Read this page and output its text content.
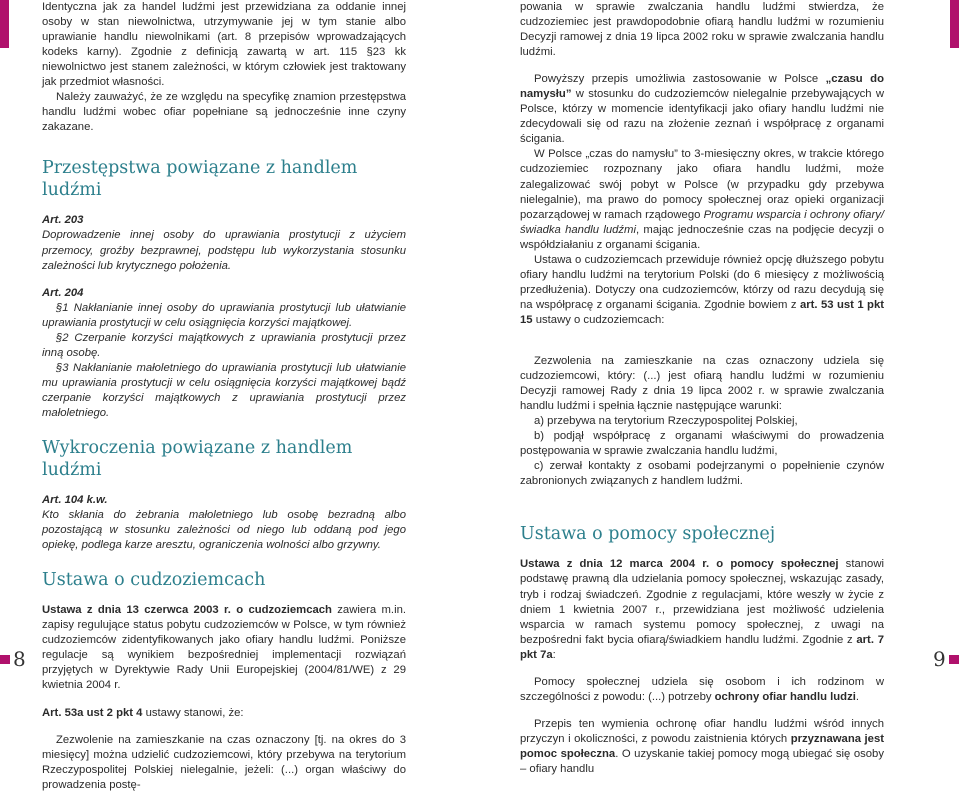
Identyczna jak za handel ludźmi jest przewidziana za oddanie innej osoby w stan niewolnictwa, utrzymywanie jej w tym stanie albo uprawianie handlu niewolnikami (art. 8 przepisów wprowadzających kodeks karny). Zgodnie z definicją zawartą w art. 115 §23 kk niewolnictwo jest stanem zależności, w którym człowiek jest traktowany jak przedmiot własności.

Należy zauważyć, że ze względu na specyfikę znamion przestępstwa handlu ludźmi wobec ofiar popełniane są jednocześnie inne czyny zakazane.

Przestępstwa powiązane z handlem ludźmi

Art. 203

Doprowadzenie innej osoby do uprawiania prostytucji z użyciem przemocy, groźby bezprawnej, podstępu lub wykorzystania stosunku zależności lub krytycznego położenia.

Art. 204

§1 Nakłanianie innej osoby do uprawiania prostytucji lub ułatwianie uprawiania prostytucji w celu osiągnięcia korzyści majątkowej.

§2 Czerpanie korzyści majątkowych z uprawiania prostytucji przez inną osobę.

§3 Nakłanianie małoletniego do uprawiania prostytucji lub ułatwianie mu uprawiania prostytucji w celu osiągnięcia korzyści majątkowej bądź czerpanie korzyści majątkowych z uprawiania prostytucji przez małoletniego.

Wykroczenia powiązane z handlem ludźmi

Art. 104 k.w.

Kto skłania do żebrania małoletniego lub osobę bezradną albo pozostającą w stosunku zależności od niego lub oddaną pod jego opiekę, podlega karze aresztu, ograniczenia wolności albo grzywny.

Ustawa o cudzoziemcach

Ustawa z dnia 13 czerwca 2003 r. o cudzoziemcach zawiera m.in. zapisy regulujące status pobytu cudzoziemców w Polsce, w tym również cudzoziemców zidentyfikowanych jako ofiary handlu ludźmi. Poniższe regulacje są wynikiem bezpośredniej implementacji rozwiązań przyjętych w Dyrektywie Rady Unii Europejskiej (2004/81/WE) z 29 kwietnia 2004 r.

Art. 53a ust 2 pkt 4 ustawy stanowi, że:

Zezwolenie na zamieszkanie na czas oznaczony [tj. na okres do 3 miesięcy] można udzielić cudzoziemcowi, który przebywa na terytorium Rzeczypospolitej Polskiej nielegalnie, jeżeli: (...) organ właściwy do prowadzenia postę-

powania w sprawie zwalczania handlu ludźmi stwierdza, że cudzoziemiec jest prawdopodobnie ofiarą handlu ludźmi w rozumieniu Decyzji ramowej z dnia 19 lipca 2002 roku w sprawie zwalczania handlu ludźmi.

Powyższy przepis umożliwia zastosowanie w Polsce „czasu do namysłu” w stosunku do cudzoziemców nielegalnie przebywających w Polsce, którzy w momencie identyfikacji jako ofiary handlu ludźmi nie zdecydowali się od razu na złożenie zeznań i współpracę z organami ścigania.

W Polsce „czas do namysłu” to 3-miesięczny okres, w trakcie którego cudzoziemiec rozpoznany jako ofiara handlu ludźmi, może zalegalizować swój pobyt w Polsce (w przypadku gdy przebywa nielegalnie), ma prawo do pomocy społecznej oraz opieki organizacji pozarządowej w ramach rządowego Programu wsparcia i ochrony ofiary/świadka handlu ludźmi, mając jednocześnie czas na podjęcie decyzji o współdziałaniu z organami ścigania.

Ustawa o cudzoziemcach przewiduje również opcję dłuższego pobytu ofiary handlu ludźmi na terytorium Polski (do 6 miesięcy z możliwością przedłużenia). Dotyczy ona cudzoziemców, którzy od razu decydują się na współpracę z organami ścigania. Zgodnie bowiem z art. 53 ust 1 pkt 15 ustawy o cudzoziemcach:

Zezwolenia na zamieszkanie na czas oznaczony udziela się cudzoziemcowi, który: (...) jest ofiarą handlu ludźmi w rozumieniu Decyzji ramowej Rady z dnia 19 lipca 2002 r. w sprawie zwalczania handlu ludźmi i spełnia łącznie następujące warunki:

a) przebywa na terytorium Rzeczypospolitej Polskiej,

b) podjął współpracę z organami właściwymi do prowadzenia postępowania w sprawie zwalczania handlu ludźmi,

c) zerwał kontakty z osobami podejrzanymi o popełnienie czynów zabronionych związanych z handlem ludźmi.

Ustawa o pomocy społecznej

Ustawa z dnia 12 marca 2004 r. o pomocy społecznej stanowi podstawę prawną dla udzielania pomocy społecznej, wskazując zasady, tryb i rodzaj świadczeń. Zgodnie z regulacjami, które weszły w życie z dniem 1 kwietnia 2007 r., przewidziana jest możliwość udzielenia wsparcia w ramach systemu pomocy społecznej, z uwagi na bezpośredni fakt bycia ofiarą/świadkiem handlu ludźmi. Zgodnie z art. 7 pkt 7a:

Pomocy społecznej udziela się osobom i ich rodzinom w szczególności z powodu: (...) potrzeby ochrony ofiar handlu ludzi.

Przepis ten wymienia ochronę ofiar handlu ludźmi wśród innych przyczyn i okoliczności, z powodu zaistnienia których przyznawana jest pomoc społeczna. O uzyskanie takiej pomocy mogą ubiegać się osoby – ofiary handlu

8	9
